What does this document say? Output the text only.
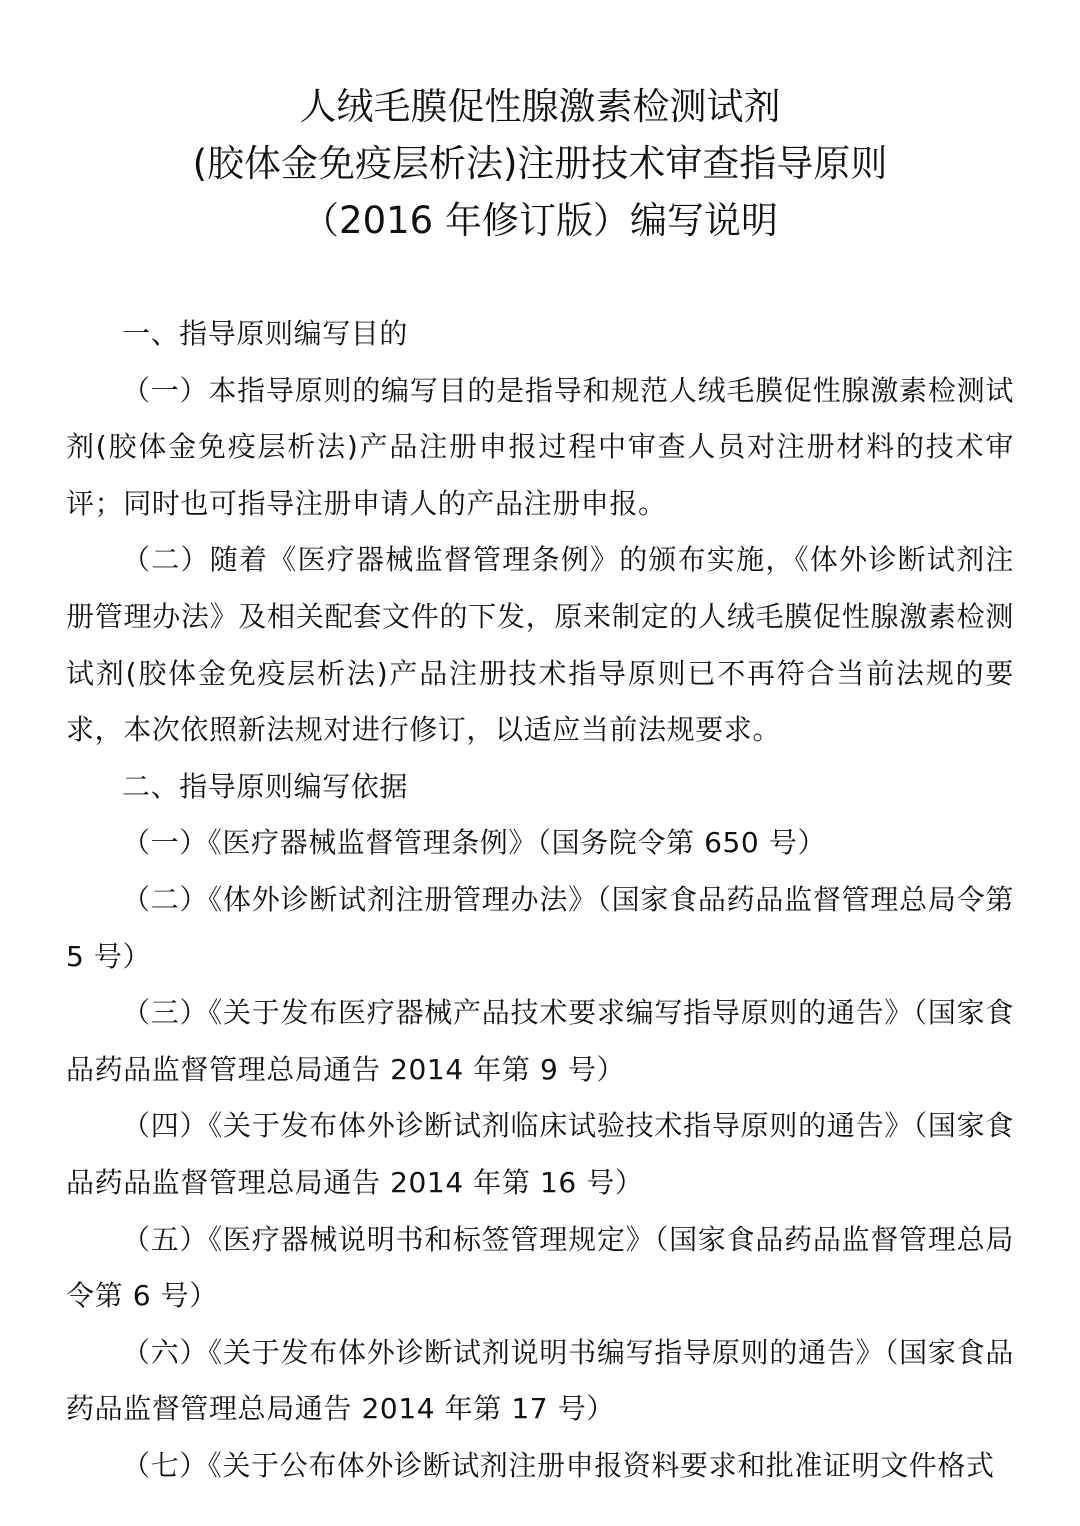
人绒毛膜促性腺激素检测试剂
(胶体金免疫层析法)注册技术审查指导原则
（2016 年修订版）编写说明

一、指导原则编写目的

（一）本指导原则的编写目的是指导和规范人绒毛膜促性腺激素检测试剂(胶体金免疫层析法)产品注册申报过程中审查人员对注册材料的技术审评；同时也可指导注册申请人的产品注册申报。

（二）随着《医疗器械监督管理条例》的颁布实施，《体外诊断试剂注册管理办法》及相关配套文件的下发，原来制定的人绒毛膜促性腺激素检测试剂(胶体金免疫层析法)产品注册技术指导原则已不再符合当前法规的要求，本次依照新法规对进行修订，以适应当前法规要求。

二、指导原则编写依据

（一）《医疗器械监督管理条例》（国务院令第 650 号）

（二）《体外诊断试剂注册管理办法》（国家食品药品监督管理总局令第 5 号）

（三）《关于发布医疗器械产品技术要求编写指导原则的通告》（国家食品药品监督管理总局通告 2014 年第 9 号）

（四）《关于发布体外诊断试剂临床试验技术指导原则的通告》（国家食品药品监督管理总局通告 2014 年第 16 号）

（五）《医疗器械说明书和标签管理规定》（国家食品药品监督管理总局令第 6 号）

（六）《关于发布体外诊断试剂说明书编写指导原则的通告》（国家食品药品监督管理总局通告 2014 年第 17 号）

（七）《关于公布体外诊断试剂注册申报资料要求和批准证明文件格式
